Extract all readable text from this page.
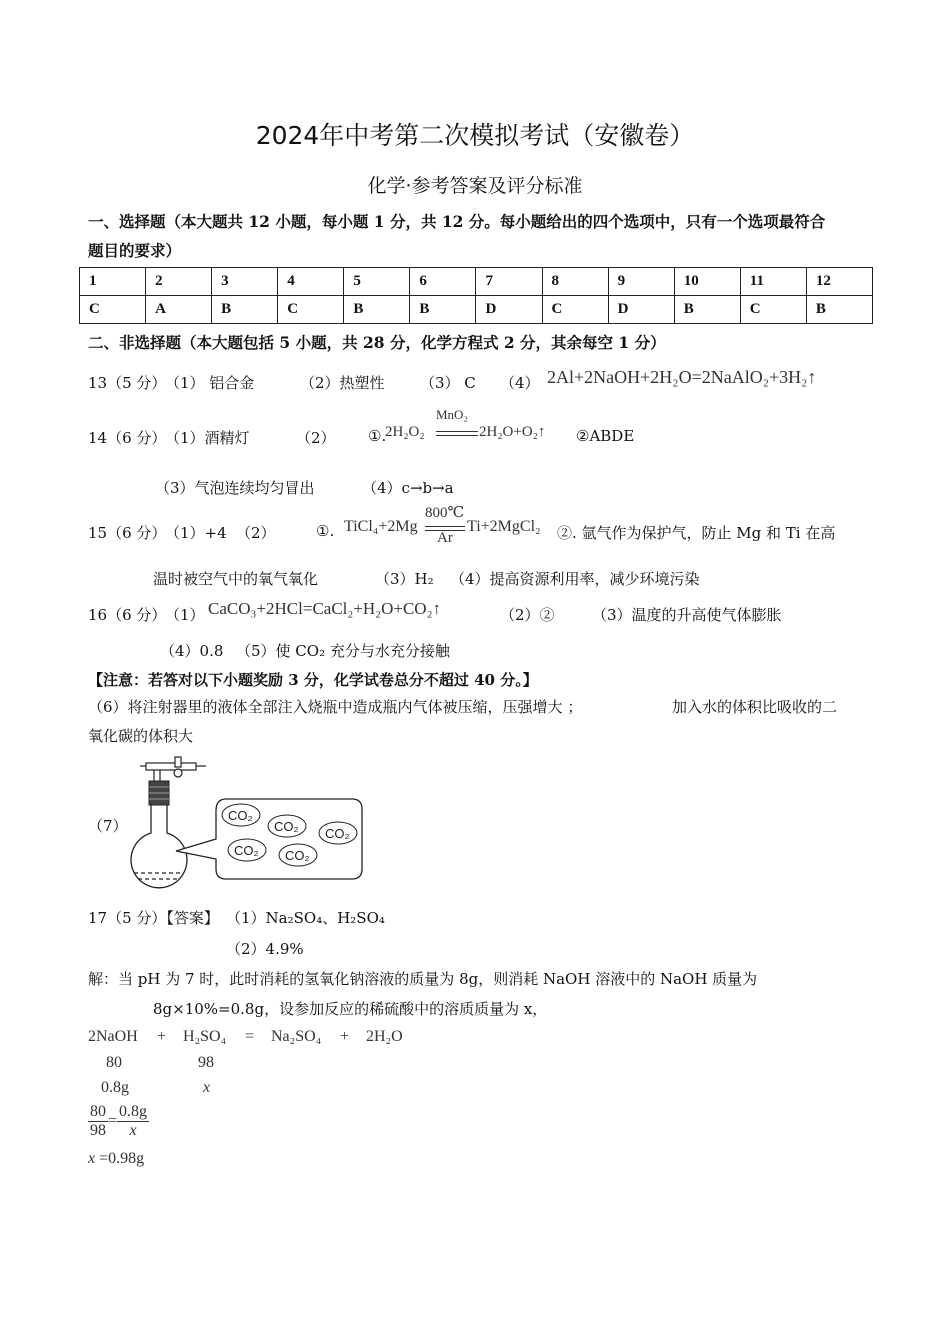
2024年中考第二次模拟考试（安徽卷）
化学·参考答案及评分标准
一、选择题（本大题共 12 小题，每小题 1 分，共 12 分。每小题给出的四个选项中，只有一个选项最符合
题目的要求）
1	2	3	4	5	6	7	8	9	10	11	12
C	A	B	C	B	B	D	C	D	B	C	B
二、非选择题（本大题包括 5 小题，共 28 分，化学方程式 2 分，其余每空 1 分）
13（5 分）
（1） 铝合金	（2）热塑性 （3） C （4） 2Al+2NaOH+2H₂O=2NaAlO₂+3H₂↑
14（6 分）
（1）酒精灯	（2） ①.
2H₂O₂
MnO₂
2H₂O+O₂↑ ②ABDE
（3）气泡连续均匀冒出	（4）c→b→a
15（6 分）
（1）+4 （2）	①. TiCl₄+2Mg
800℃
Ar
Ti+2MgCl₂ ②. 氩气作为保护气，防止 Mg 和 Ti 在高
温时被空气中的氧气氧化	（3）H₂ （4）提高资源利用率，减少环境污染
16（6 分）
（1） CaCO₃+2HCl=CaCl₂+H₂O+CO₂↑	（2）② （3）温度的升高使气体膨胀
（4）0.8 （5）使 CO₂ 充分与水充分接触
【注意：若答对以下小题奖励 3 分，化学试卷总分不超过 40 分。】
（6）将注射器里的液体全部注入烧瓶中造成瓶内气体被压缩，压强增大 ；	加入水的体积比吸收的二
氧化碳的体积大
（7）
CO₂
CO₂ CO₂
CO₂ CO₂
17（5 分）【答案】 （1）Na₂SO₄、H₂SO₄
（2）4.9%
解：当 pH 为 7 时，此时消耗的氢氧化钠溶液的质量为 8g，则消耗 NaOH 溶液中的 NaOH 质量为
8g×10%=0.8g，设参加反应的稀硫酸中的溶质质量为 x，
2NaOH + H₂SO₄ = Na₂SO₄ + 2H₂O
80	98
0.8g	x
$\frac{80}{98} = \frac{0.8g}{x}$
x =0.98g
